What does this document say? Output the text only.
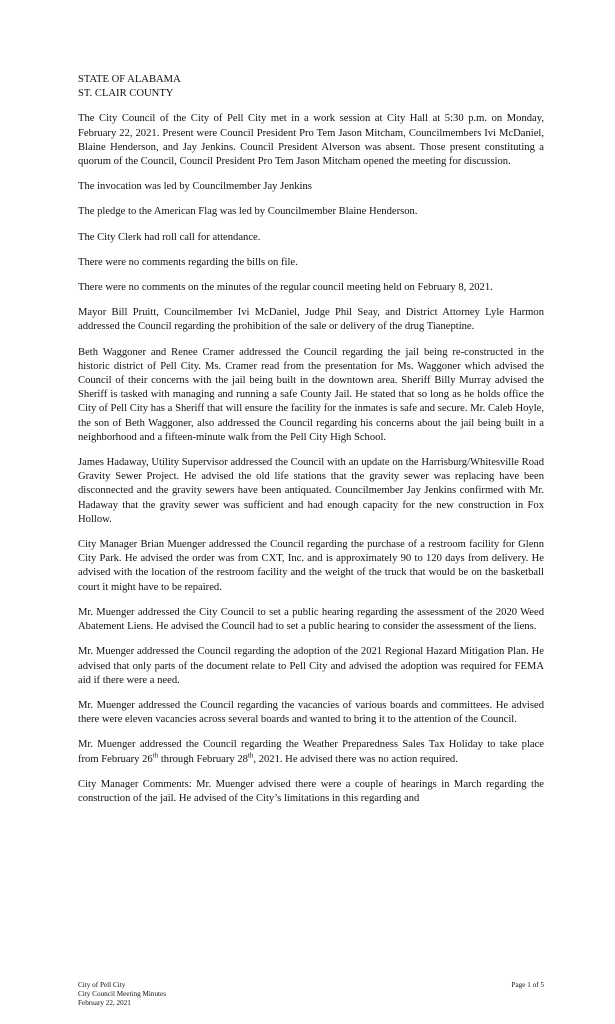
STATE OF ALABAMA

ST. CLAIR COUNTY

The City Council of the City of Pell City met in a work session at City Hall at 5:30 p.m. on Monday, February 22, 2021. Present were Council President Pro Tem Jason Mitcham, Councilmembers Ivi McDaniel, Blaine Henderson, and Jay Jenkins. Council President Alverson was absent. Those present constituting a quorum of the Council, Council President Pro Tem Jason Mitcham opened the meeting for discussion.

The invocation was led by Councilmember Jay Jenkins

The pledge to the American Flag was led by Councilmember Blaine Henderson.

The City Clerk had roll call for attendance.

There were no comments regarding the bills on file.

There were no comments on the minutes of the regular council meeting held on February 8, 2021.

Mayor Bill Pruitt, Councilmember Ivi McDaniel, Judge Phil Seay, and District Attorney Lyle Harmon addressed the Council regarding the prohibition of the sale or delivery of the drug Tianeptine.

Beth Waggoner and Renee Cramer addressed the Council regarding the jail being re-constructed in the historic district of Pell City. Ms. Cramer read from the presentation for Ms. Waggoner which advised the Council of their concerns with the jail being built in the downtown area. Sheriff Billy Murray advised the Sheriff is tasked with managing and running a safe County Jail. He stated that so long as he holds office the City of Pell City has a Sheriff that will ensure the facility for the inmates is safe and secure. Mr. Caleb Hoyle, the son of Beth Waggoner, also addressed the Council regarding his concerns about the jail being built in a neighborhood and a fifteen-minute walk from the Pell City High School.

James Hadaway, Utility Supervisor addressed the Council with an update on the Harrisburg/Whitesville Road Gravity Sewer Project. He advised the old life stations that the gravity sewer was replacing have been disconnected and the gravity sewers have been antiquated. Councilmember Jay Jenkins confirmed with Mr. Hadaway that the gravity sewer was sufficient and had enough capacity for the new construction in Fox Hollow.

City Manager Brian Muenger addressed the Council regarding the purchase of a restroom facility for Glenn City Park. He advised the order was from CXT, Inc. and is approximately 90 to 120 days from delivery. He advised with the location of the restroom facility and the weight of the truck that would be on the basketball court it might have to be repaired.

Mr. Muenger addressed the City Council to set a public hearing regarding the assessment of the 2020 Weed Abatement Liens. He advised the Council had to set a public hearing to consider the assessment of the liens.

Mr. Muenger addressed the Council regarding the adoption of the 2021 Regional Hazard Mitigation Plan. He advised that only parts of the document relate to Pell City and advised the adoption was required for FEMA aid if there were a need.

Mr. Muenger addressed the Council regarding the vacancies of various boards and committees. He advised there were eleven vacancies across several boards and wanted to bring it to the attention of the Council.

Mr. Muenger addressed the Council regarding the Weather Preparedness Sales Tax Holiday to take place from February 26th through February 28th, 2021. He advised there was no action required.

City Manager Comments: Mr. Muenger advised there were a couple of hearings in March regarding the construction of the jail. He advised of the City’s limitations in this regarding and

City of Pell City
City Council Meeting Minutes
February 22, 2021
Page 1 of 5
